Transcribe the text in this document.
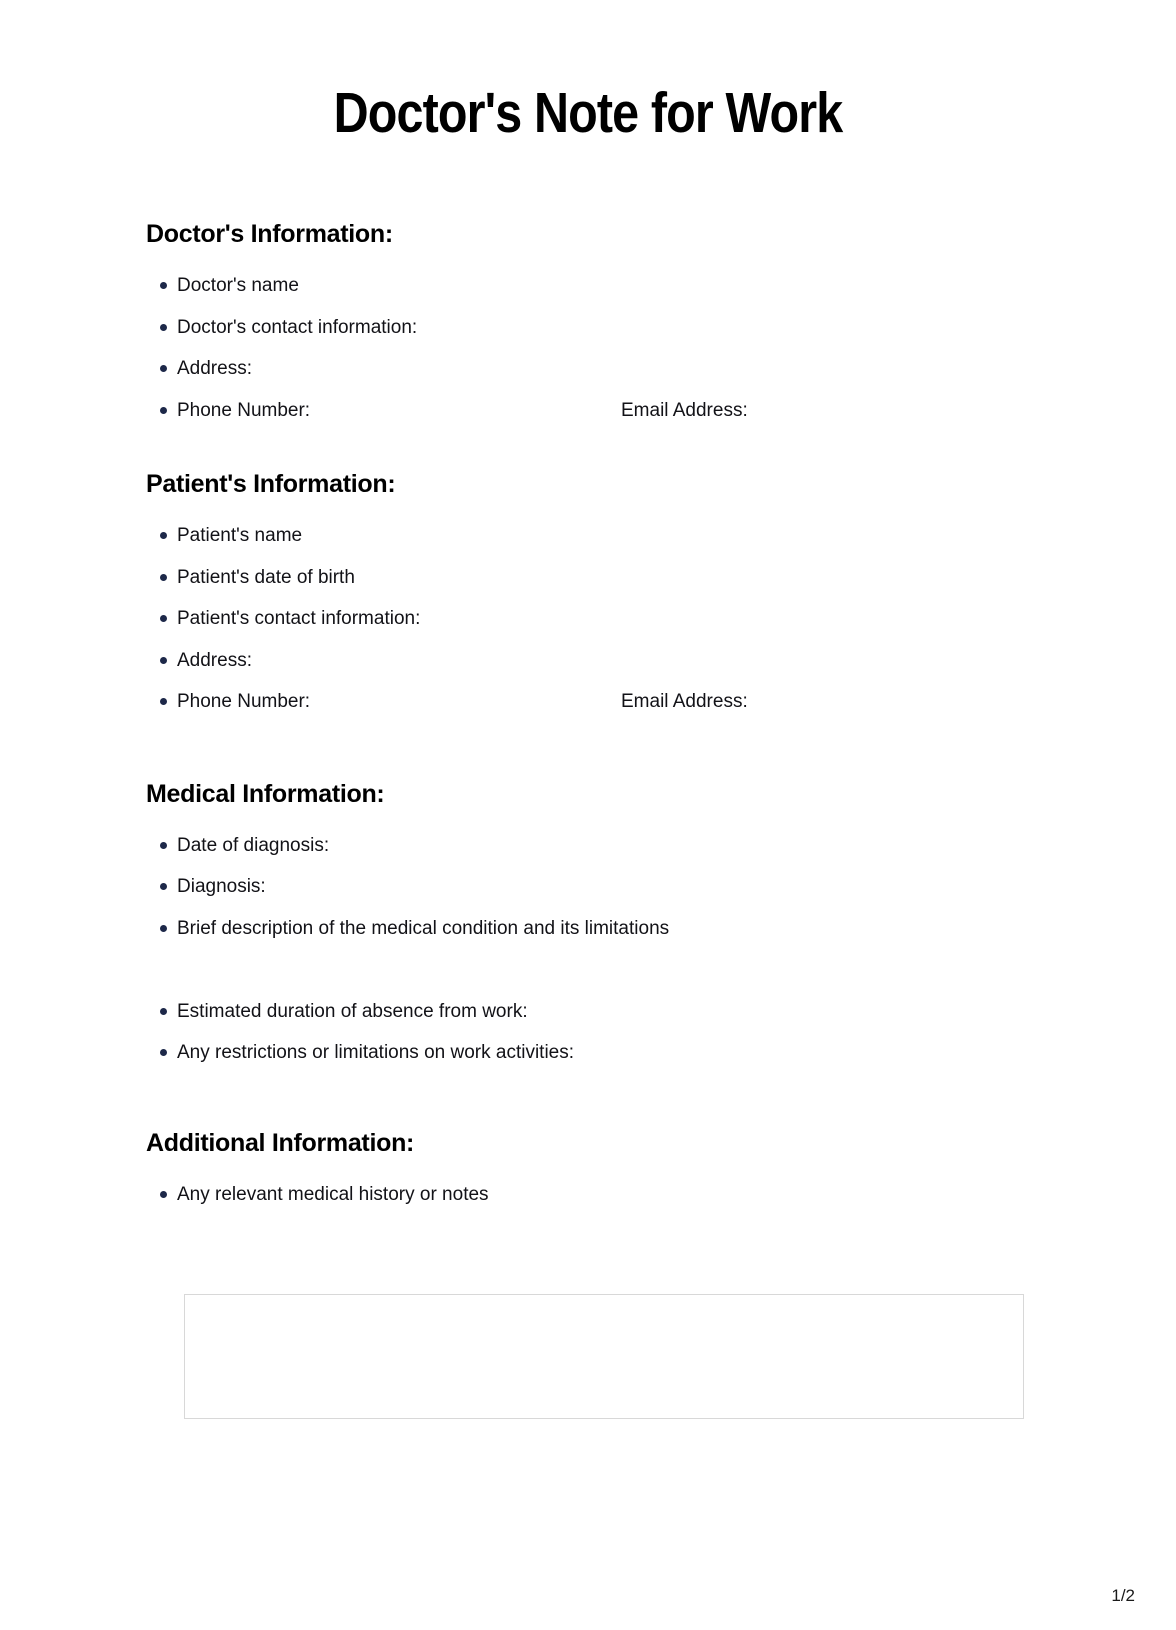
Doctor's Note for Work
Doctor's Information:
Doctor's name
Doctor's contact information:
Address:
Phone Number:	Email Address:
Patient's Information:
Patient's name
Patient's date of birth
Patient's contact information:
Address:
Phone Number:	Email Address:
Medical Information:
Date of diagnosis:
Diagnosis:
Brief description of the medical condition and its limitations
Estimated duration of absence from work:
Any restrictions or limitations on work activities:
Additional Information:
Any relevant medical history or notes
1/2
